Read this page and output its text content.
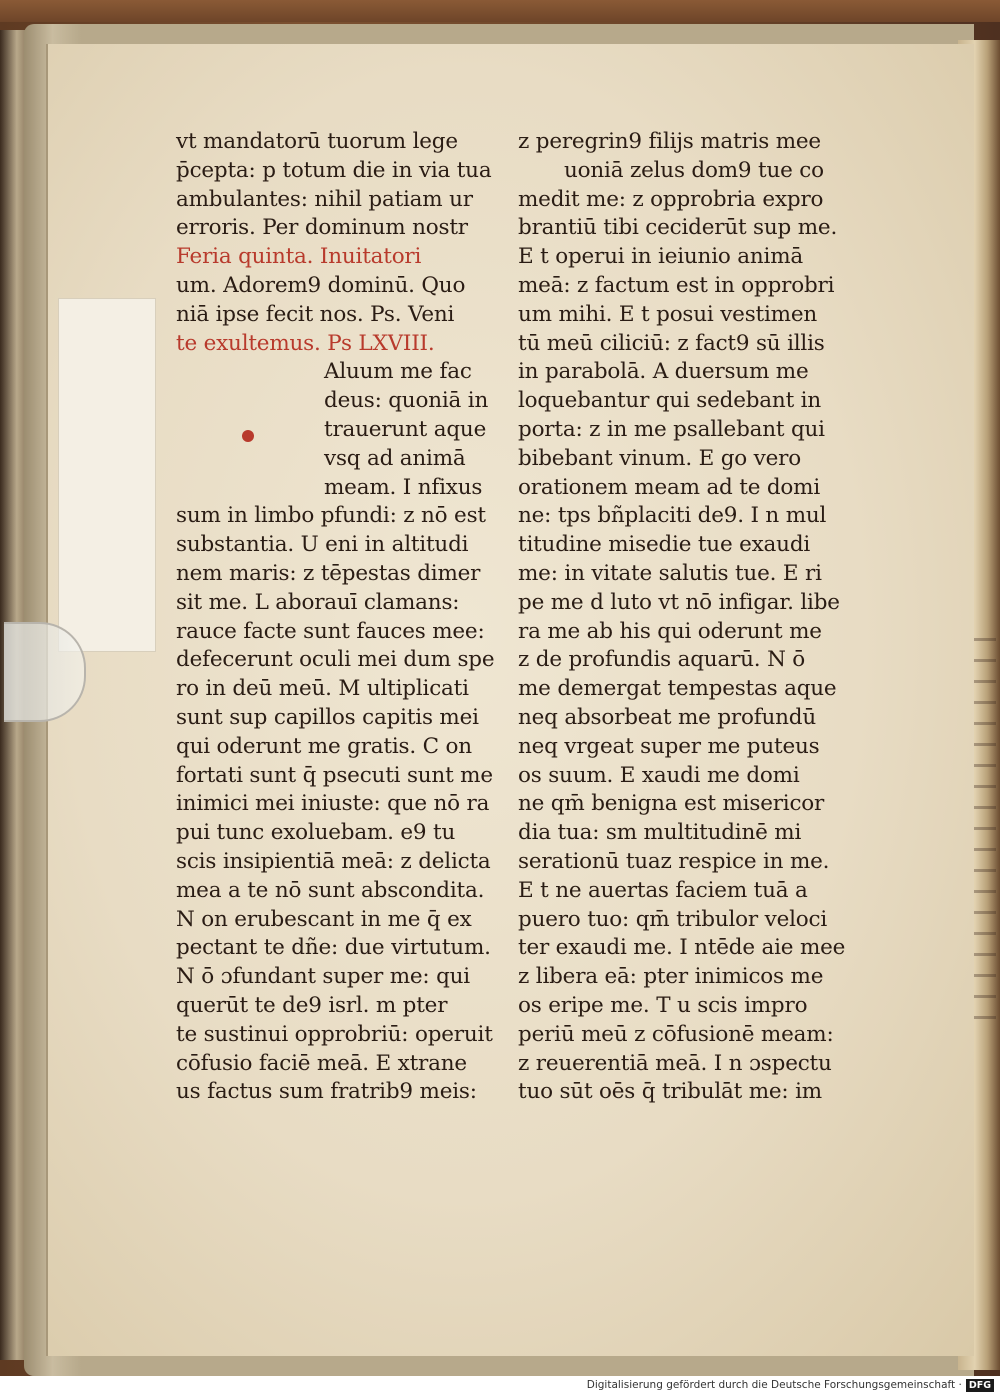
vt mandatorū tuorum lege
p̄cepta: p totum die in via tua
ambulantes: nihil patiam ur
erroris. Per dominum nostr
Feria quinta. Inuitatori
um. Adorem9 dominū. Quo
niā ipse fecit nos. Ps. Veni
te exultemus. Ps LXVIII.
Aluum me fac
deus: quoniā in
trauerunt aque
vsq ad animā
meam. I nfixus
sum in limbo pfundi: z nō est
substantia. U eni in altitudi
nem maris: z tēpestas dimer
sit me. L aborauī clamans:
rauce facte sunt fauces mee:
defecerunt oculi mei dum spe
ro in deū meū. M ultiplicati
sunt sup capillos capitis mei
qui oderunt me gratis. C on
fortati sunt q̄ psecuti sunt me
inimici mei iniuste: que nō ra
pui tunc exoluebam. e9 tu
scis insipientiā meā: z delicta
mea a te nō sunt abscondita.
N on erubescant in me q̄ ex
pectant te dñe: due virtutum.
N ō ɔfundant super me: qui
querūt te de9 isrl. m pter
te sustinui opprobriū: operuit
cōfusio faciē meā. E xtrane
us factus sum fratrib9 meis:
z peregrin9 filijs matris mee
uoniā zelus dom9 tue co
medit me: z opprobria expro
brantiū tibi ceciderūt sup me.
E t operui in ieiunio animā
meā: z factum est in opprobri
um mihi. E t posui vestimen
tū meū ciliciū: z fact9 sū illis
in parabolā. A duersum me
loquebantur qui sedebant in
porta: z in me psallebant qui
bibebant vinum. E go vero
orationem meam ad te domi
ne: tps bñplaciti de9. I n mul
titudine misedie tue exaudi
me: in vitate salutis tue. E ri
pe me d luto vt nō infigar. libe
ra me ab his qui oderunt me
z de profundis aquarū. N ō
me demergat tempestas aque
neq absorbeat me profundū
neq vrgeat super me puteus
os suum. E xaudi me domi
ne qm̄ benigna est misericor
dia tua: sm multitudinē mi
serationū tuaz respice in me.
E t ne auertas faciem tuā a
puero tuo: qm̄ tribulor veloci
ter exaudi me. I ntēde aie mee
z libera eā: pter inimicos me
os eripe me. T u scis impro
periū meū z cōfusionē meam:
z reuerentiā meā. I n ɔspectu
tuo sūt oēs q̄ tribulāt me: im
Digitalisierung gefördert durch die Deutsche Forschungsgemeinschaft · DFG
